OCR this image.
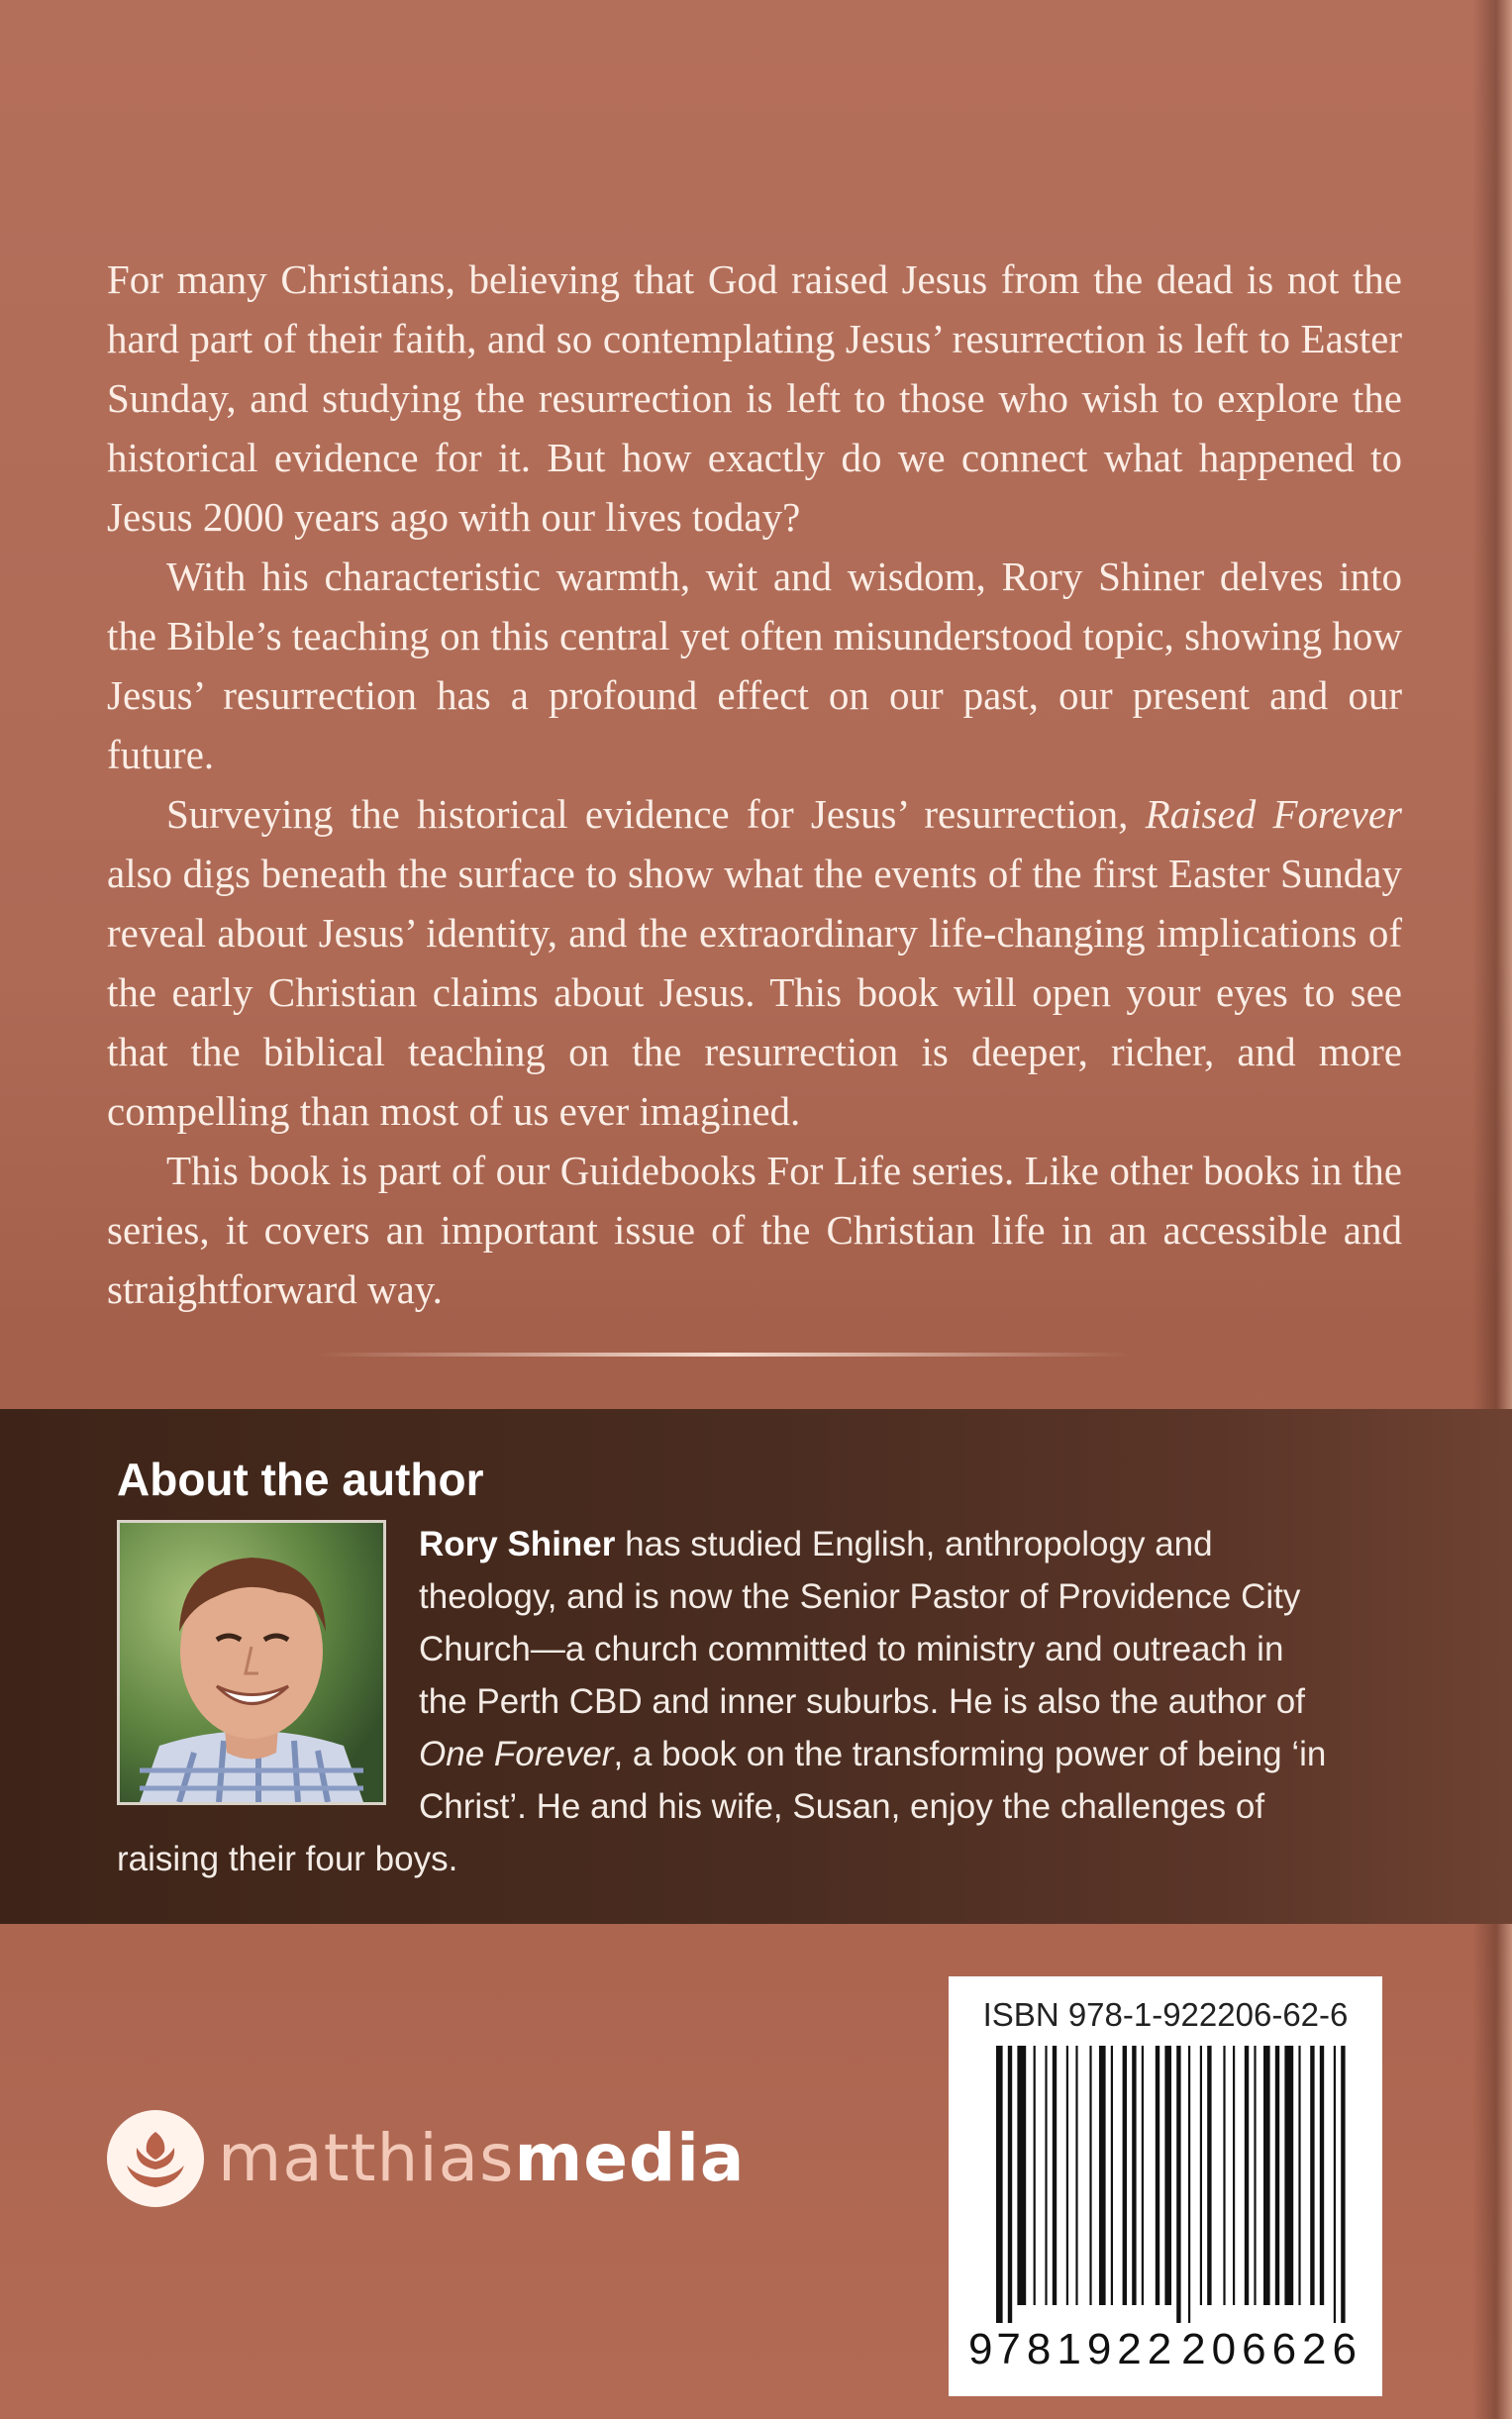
For many Christians, believing that God raised Jesus from the dead is not the hard part of their faith, and so contemplating Jesus’ resurrection is left to Easter Sunday, and studying the resurrection is left to those who wish to explore the historical evidence for it. But how exactly do we connect what happened to Jesus 2000 years ago with our lives today?

With his characteristic warmth, wit and wisdom, Rory Shiner delves into the Bible’s teaching on this central yet often misunderstood topic, showing how Jesus’ resurrection has a profound effect on our past, our present and our future.

Surveying the historical evidence for Jesus’ resurrection, Raised Forever also digs beneath the surface to show what the events of the first Easter Sunday reveal about Jesus’ identity, and the extraordinary life-changing implications of the early Christian claims about Jesus. This book will open your eyes to see that the biblical teaching on the resurrection is deeper, richer, and more compelling than most of us ever imagined.

This book is part of our Guidebooks For Life series. Like other books in the series, it covers an important issue of the Christian life in an accessible and straightforward way.

About the author

Rory Shiner has studied English, anthropology and theology, and is now the Senior Pastor of Providence City Church—a church committed to ministry and outreach in the Perth CBD and inner suburbs. He is also the author of One Forever, a book on the transforming power of being ‘in Christ’. He and his wife, Susan, enjoy the challenges of raising their four boys.

matthiasmedia
ISBN 978-1-922206-62-6
9 781922 206626
